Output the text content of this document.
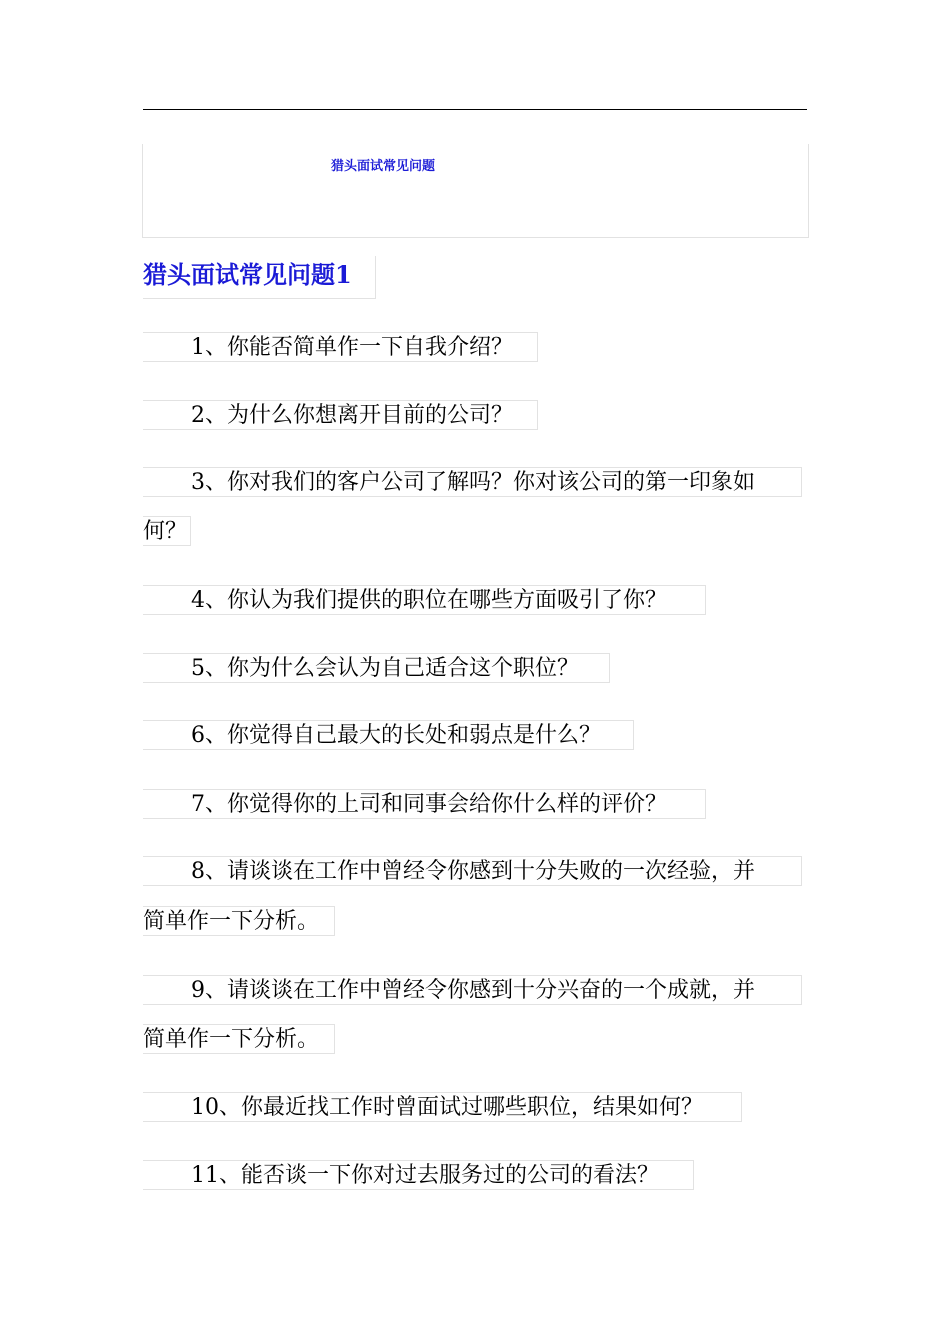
猎头面试常见问题
猎头面试常见问题1
1、你能否简单作一下自我介绍？
2、为什么你想离开目前的公司？
3、你对我们的客户公司了解吗？你对该公司的第一印象如
何？
4、你认为我们提供的职位在哪些方面吸引了你？
5、你为什么会认为自己适合这个职位？
6、你觉得自己最大的长处和弱点是什么？
7、你觉得你的上司和同事会给你什么样的评价？
8、请谈谈在工作中曾经令你感到十分失败的一次经验，并
简单作一下分析。
9、请谈谈在工作中曾经令你感到十分兴奋的一个成就，并
简单作一下分析。
10、你最近找工作时曾面试过哪些职位，结果如何？
11、能否谈一下你对过去服务过的公司的看法？
